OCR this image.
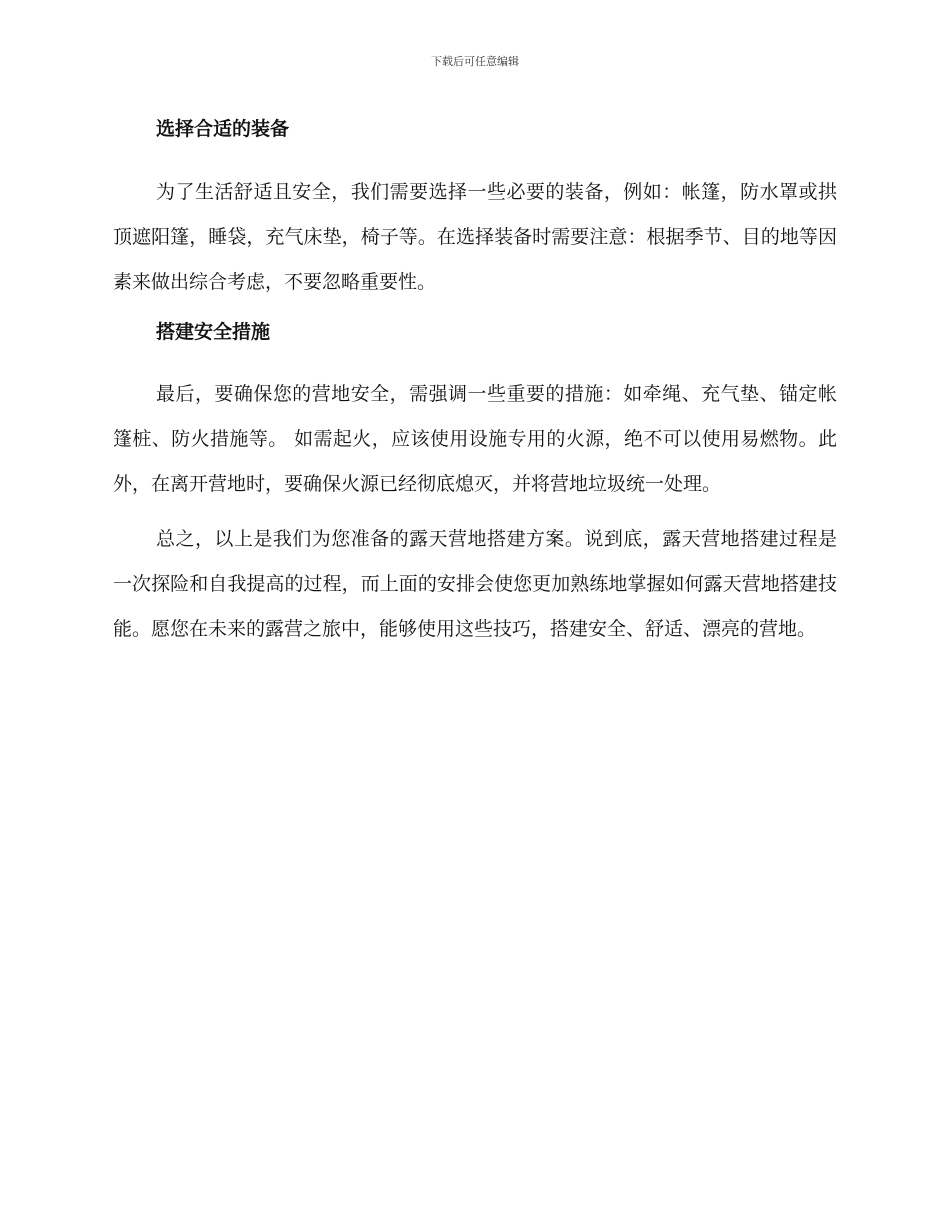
下载后可任意编辑
选择合适的装备

为了生活舒适且安全，我们需要选择一些必要的装备，例如：帐篷，防水罩或拱顶遮阳篷，睡袋，充气床垫，椅子等。在选择装备时需要注意：根据季节、目的地等因素来做出综合考虑，不要忽略重要性。

搭建安全措施

最后，要确保您的营地安全，需强调一些重要的措施：如牵绳、充气垫、锚定帐篷桩、防火措施等。 如需起火，应该使用设施专用的火源，绝不可以使用易燃物。此外，在离开营地时，要确保火源已经彻底熄灭，并将营地垃圾统一处理。

总之，以上是我们为您准备的露天营地搭建方案。说到底，露天营地搭建过程是一次探险和自我提高的过程，而上面的安排会使您更加熟练地掌握如何露天营地搭建技能。愿您在未来的露营之旅中，能够使用这些技巧，搭建安全、舒适、漂亮的营地。
